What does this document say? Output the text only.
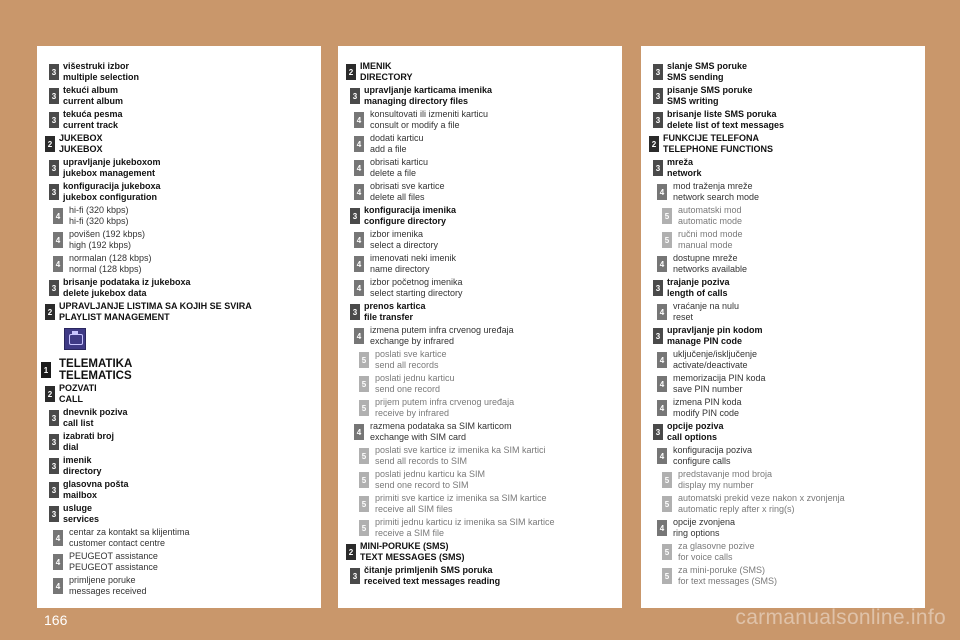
3
višestruki izbor
multiple selection
3
tekući album
current album
3
tekuća pesma
current track
2
JUKEBOX
JUKEBOX
3
upravljanje jukeboxom
jukebox management
3
konfiguracija jukeboxa
jukebox configuration
4
hi-fi (320 kbps)
hi-fi (320 kbps)
4
povišen (192 kbps)
high (192 kbps)
4
normalan (128 kbps)
normal (128 kbps)
3
brisanje podataka iz jukeboxa
delete jukebox data
2
UPRAVLJANJE LISTIMA SA KOJIH SE SVIRA
PLAYLIST MANAGEMENT
1
TELEMATIKA
TELEMATICS
2
POZVATI
CALL
3
dnevnik poziva
call list
3
izabrati broj
dial
3
imenik
directory
3
glasovna pošta
mailbox
3
usluge
services
4
centar za kontakt sa klijentima
customer contact centre
4
PEUGEOT assistance
PEUGEOT assistance
4
primljene poruke
messages received
2
IMENIK
DIRECTORY
3
upravljanje karticama imenika
managing directory files
4
konsultovati ili izmeniti karticu
consult or modify a file
4
dodati karticu
add a file
4
obrisati karticu
delete a file
4
obrisati sve kartice
delete all files
3
konfiguracija imenika
configure directory
4
izbor imenika
select a directory
4
imenovati neki imenik
name directory
4
izbor početnog imenika
select starting directory
3
prenos kartica
file transfer
4
izmena putem infra crvenog uređaja
exchange by infrared
5
poslati sve kartice
send all records
5
poslati jednu karticu
send one record
5
prijem putem infra crvenog uređaja
receive by infrared
4
razmena podataka sa SIM karticom
exchange with SIM card
5
poslati sve kartice iz imenika ka SIM kartici
send all records to SIM
5
poslati jednu karticu ka SIM
send one record to SIM
5
primiti sve kartice iz imenika sa SIM kartice
receive all SIM files
5
primiti jednu karticu iz imenika sa SIM kartice
receive a SIM file
2
MINI-PORUKE (SMS)
TEXT MESSAGES (SMS)
3
čitanje primljenih SMS poruka
received text messages reading
3
slanje SMS poruke
SMS sending
3
pisanje SMS poruke
SMS writing
3
brisanje liste SMS poruka
delete list of text messages
2
FUNKCIJE TELEFONA
TELEPHONE FUNCTIONS
3
mreža
network
4
mod traženja mreže
network search mode
5
automatski mod
automatic mode
5
ručni mod mode
manual mode
4
dostupne mreže
networks available
3
trajanje poziva
length of calls
4
vraćanje na nulu
reset
3
upravljanje pin kodom
manage PIN code
4
uključenje/isključenje
activate/deactivate
4
memorizacija PIN koda
save PIN number
4
izmena PIN koda
modify PIN code
3
opcije poziva
call options
4
konfiguracija poziva
configure calls
5
predstavanje mod broja
display my number
5
automatski prekid veze nakon x zvonjenja
automatic reply after x ring(s)
4
opcije zvonjena
ring options
5
za glasovne pozive
for voice calls
5
za mini-poruke (SMS)
for text messages (SMS)
166	carmanualsonline.info
